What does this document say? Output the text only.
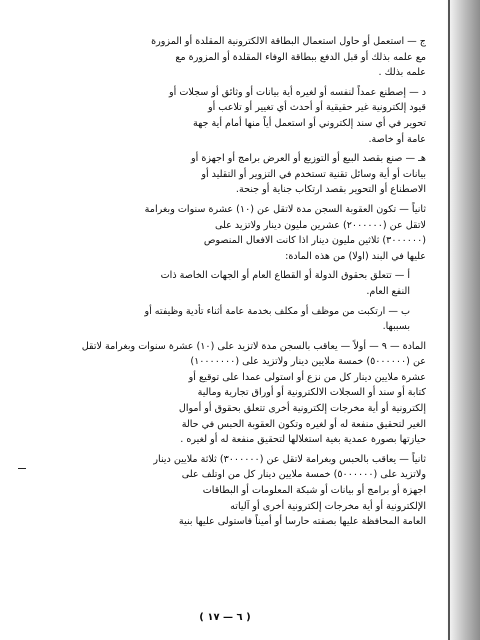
ج — استعمل أو حاول استعمال البطاقة الالكترونية المقلدة أو المزورة
مع علمه بذلك أو قبل الدفع ببطاقة الوفاء المقلدة أو المزورة مع
علمه بذلك .
د — إصطنع عمداً لنفسه أو لغيره أية بيانات أو وثائق أو سجلات أو
قيود إلكترونية غير حقيقية أو أحدث أي تغيير أو تلاعب أو
تحوير في أي سند إلكتروني أو استعمل أياً منها أمام أية جهة
عامة أو خاصة.
هـ — صنع بقصد البيع أو التوزيع أو العرض برامج أو اجهزة أو
بيانات أو أية وسائل تقنية تستخدم في التزوير أو التقليد أو
الاصطناع أو التحوير بقصد ارتكاب جناية أو جنحة.
ثانياً — تكون العقوبة السجن مدة لاتقل عن (١٠) عشرة سنوات وبغرامة
لاتقل عن (٢٠٠٠٠٠٠) عشرين مليون دينار ولاتزيد على
(٣٠٠٠٠٠٠) ثلاثين مليون دينار اذا كانت الافعال المنصوص
عليها في البند (اولا) من هذه المادة:
أ — تتعلق بحقوق الدولة أو القطاع العام أو الجهات الخاصة ذات
النفع العام.
ب — ارتكبت من موظف أو مكلف بخدمة عامة أثناء تأدية وظيفته أو
بسببها.
المادة — ٩ — أولاً — يعاقب بالسجن مدة لاتزيد على (١٠) عشرة سنوات وبغرامة لاتقل
عن (٥٠٠٠٠٠٠) خمسة ملايين دينار ولاتزيد على (١٠٠٠٠٠٠٠)
عشرة ملايين دينار كل من نزع أو استولى عمدا على توقيع أو
كتابة أو سند أو السجلات الالكترونية أو أوراق تجارية ومالية
إلكترونية أو أية مخرجات إلكترونية أخرى تتعلق بحقوق أو أموال
الغير لتحقيق منفعة له أو لغيره وتكون العقوبة الحبس في حالة
حيازتها بصورة عمدية بغية استغلالها لتحقيق منفعة له أو لغيره .
ثانياً — يعاقب بالحبس وبغرامة لاتقل عن (٣٠٠٠٠٠٠) ثلاثة ملايين دينار
ولاتزيد على (٥٠٠٠٠٠٠) خمسة ملايين دينار كل من اوتلف على
اجهزة أو برامج أو بيانات أو شبكة المعلومات أو البطاقات
الإلكترونية أو أية مخرجات إلكترونية أخرى أو آلياته
العامة المحافظة عليها بصفته حارسا أو أميناً فاستولى عليها بنية
( ٦ — ١٧ )
